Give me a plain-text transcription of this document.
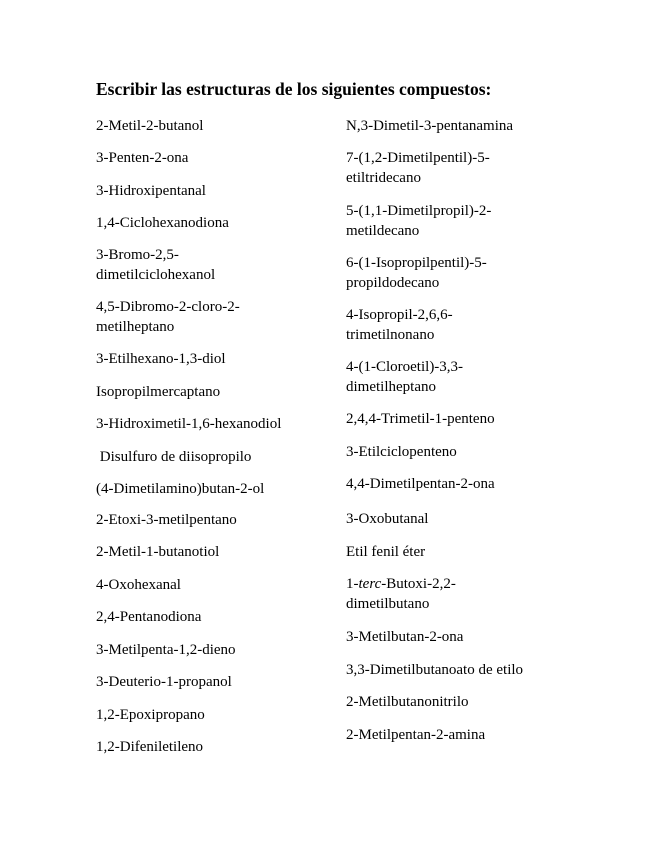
Escribir las estructuras de los siguientes compuestos:
2-Metil-2-butanol
3-Penten-2-ona
3-Hidroxipentanal
1,4-Ciclohexanodiona
3-Bromo-2,5-
dimetilciclohexanol
4,5-Dibromo-2-cloro-2-
metilheptano
3-Etilhexano-1,3-diol
Isopropilmercaptano
3-Hidroximetil-1,6-hexanodiol
Disulfuro de diisopropilo
(4-Dimetilamino)butan-2-ol
2-Etoxi-3-metilpentano
2-Metil-1-butanotiol
4-Oxohexanal
2,4-Pentanodiona
3-Metilpenta-1,2-dieno
3-Deuterio-1-propanol
1,2-Epoxipropano
1,2-Difeniletileno
N,3-Dimetil-3-pentanamina
7-(1,2-Dimetilpentil)-5-
etiltridecano
5-(1,1-Dimetilpropil)-2-
metildecano
6-(1-Isopropilpentil)-5-
propildodecano
4-Isopropil-2,6,6-
trimetilnonano
4-(1-Cloroetil)-3,3-
dimetilheptano
2,4,4-Trimetil-1-penteno
3-Etilciclopenteno
4,4-Dimetilpentan-2-ona
3-Oxobutanal
Etil fenil éter
1-terc-Butoxi-2,2-
dimetilbutano
3-Metilbutan-2-ona
3,3-Dimetilbutanoato de etilo
2-Metilbutanonitrilo
2-Metilpentan-2-amina
